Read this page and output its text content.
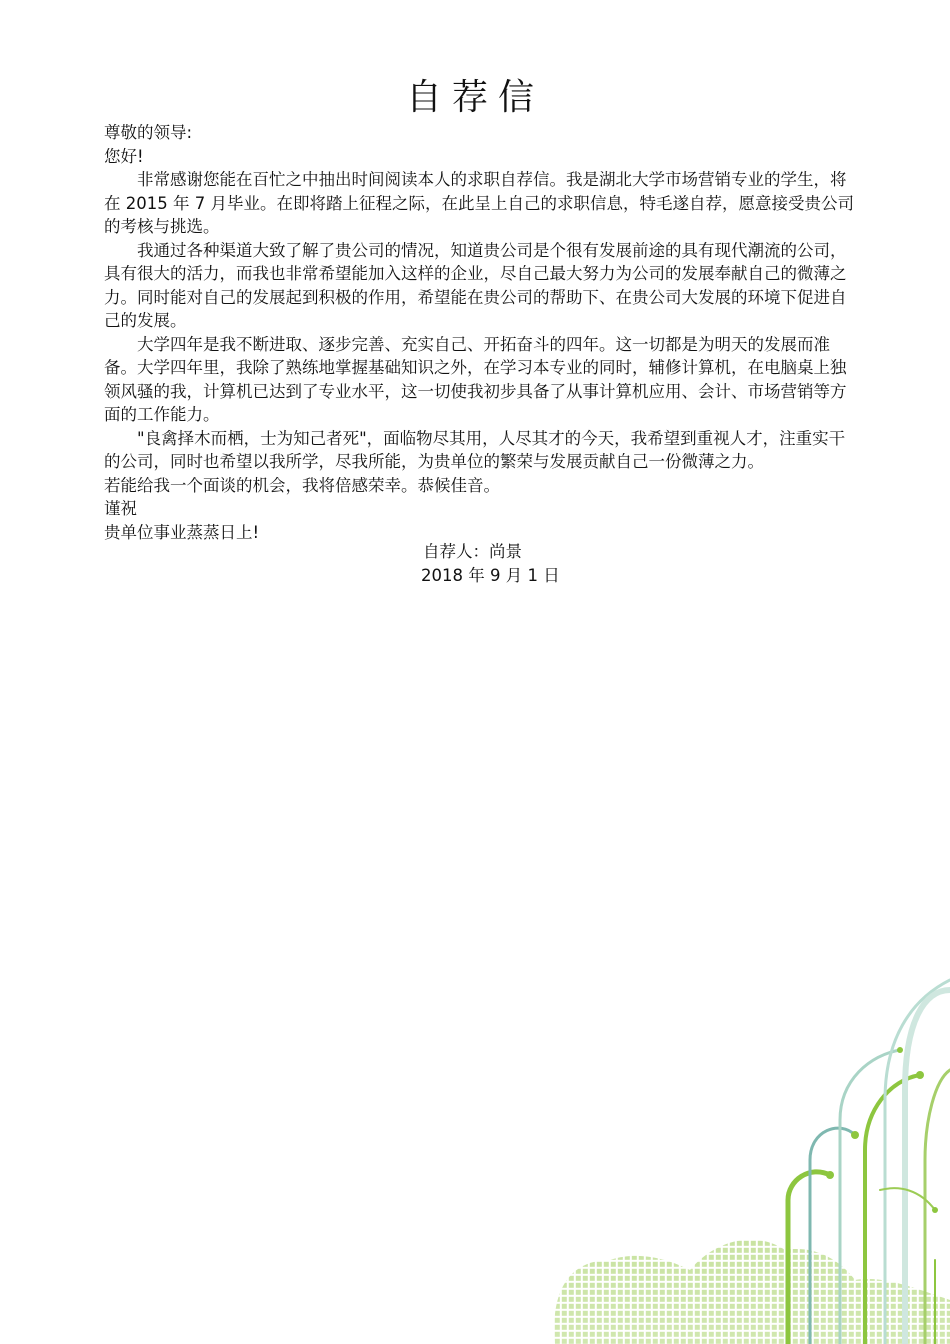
自荐信

尊敬的领导:

您好!

非常感谢您能在百忙之中抽出时间阅读本人的求职自荐信。我是湖北大学市场营销专业的学生，将在 2015 年 7 月毕业。在即将踏上征程之际，在此呈上自己的求职信息，特毛遂自荐，愿意接受贵公司的考核与挑选。

我通过各种渠道大致了解了贵公司的情况，知道贵公司是个很有发展前途的具有现代潮流的公司，具有很大的活力，而我也非常希望能加入这样的企业，尽自己最大努力为公司的发展奉献自己的微薄之力。同时能对自己的发展起到积极的作用，希望能在贵公司的帮助下、在贵公司大发展的环境下促进自己的发展。

大学四年是我不断进取、逐步完善、充实自己、开拓奋斗的四年。这一切都是为明天的发展而准备。大学四年里，我除了熟练地掌握基础知识之外，在学习本专业的同时，辅修计算机，在电脑桌上独领风骚的我，计算机已达到了专业水平，这一切使我初步具备了从事计算机应用、会计、市场营销等方面的工作能力。

"良禽择木而栖，士为知己者死"，面临物尽其用，人尽其才的今天，我希望到重视人才，注重实干的公司，同时也希望以我所学，尽我所能，为贵单位的繁荣与发展贡献自己一份微薄之力。

若能给我一个面谈的机会，我将倍感荣幸。恭候佳音。

谨祝

贵单位事业蒸蒸日上!

自荐人：尚景

2018 年 9 月 1 日
